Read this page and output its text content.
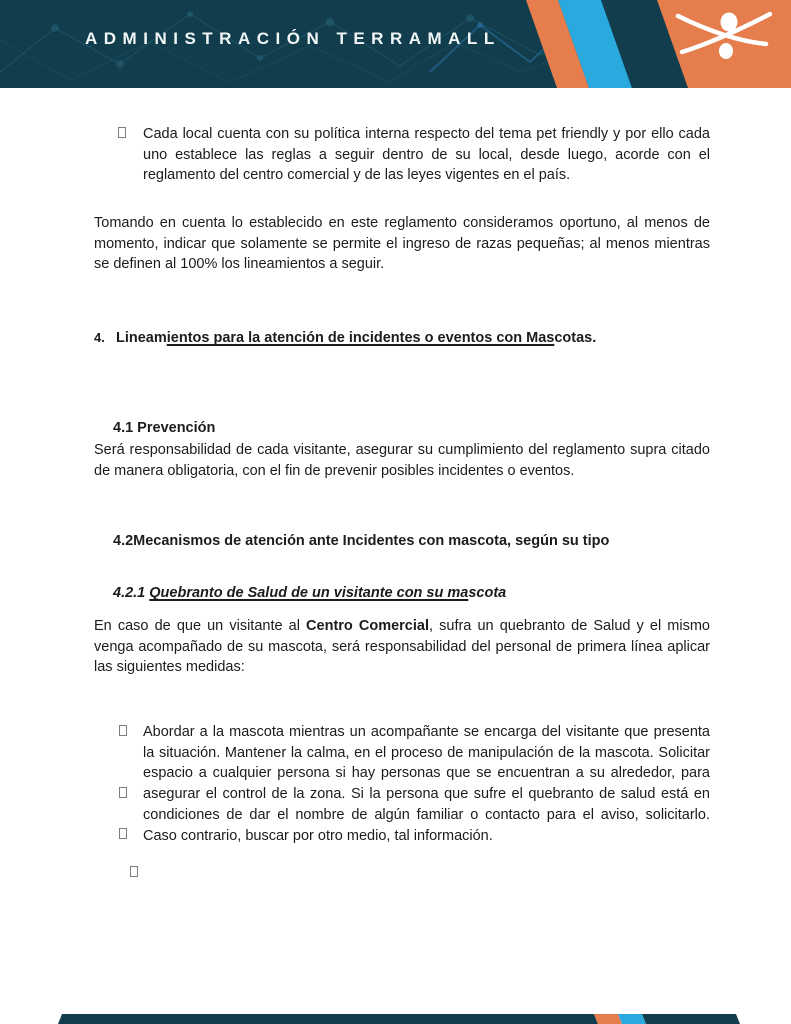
ADMINISTRACIÓN TERRAMALL
Cada local cuenta con su política interna respecto del tema pet friendly y por ello cada uno establece las reglas a seguir dentro de su local, desde luego, acorde con el reglamento del centro comercial y de las leyes vigentes en el país.
Tomando en cuenta lo establecido en este reglamento consideramos oportuno, al menos de momento, indicar que solamente se permite el ingreso de razas pequeñas; al menos mientras se definen al 100% los lineamientos a seguir.
4. Lineamientos para la atención de incidentes o eventos con Mascotas.
4.1 Prevención
Será responsabilidad de cada visitante, asegurar su cumplimiento del reglamento supra citado de manera obligatoria, con el fin de prevenir posibles incidentes o eventos.
4.2Mecanismos de atención ante Incidentes con mascota, según su tipo
4.2.1 Quebranto de Salud de un visitante con su mascota
En caso de que un visitante al Centro Comercial, sufra un quebranto de Salud y el mismo venga acompañado de su mascota, será responsabilidad del personal de primera línea aplicar las siguientes medidas:
Abordar a la mascota mientras un acompañante se encarga del visitante que presenta la situación. Mantener la calma, en el proceso de manipulación de la mascota. Solicitar espacio a cualquier persona si hay personas que se encuentran a su alrededor, para asegurar el control de la zona. Si la persona que sufre el quebranto de salud está en condiciones de dar el nombre de algún familiar o contacto para el aviso, solicitarlo. Caso contrario, buscar por otro medio, tal información.
